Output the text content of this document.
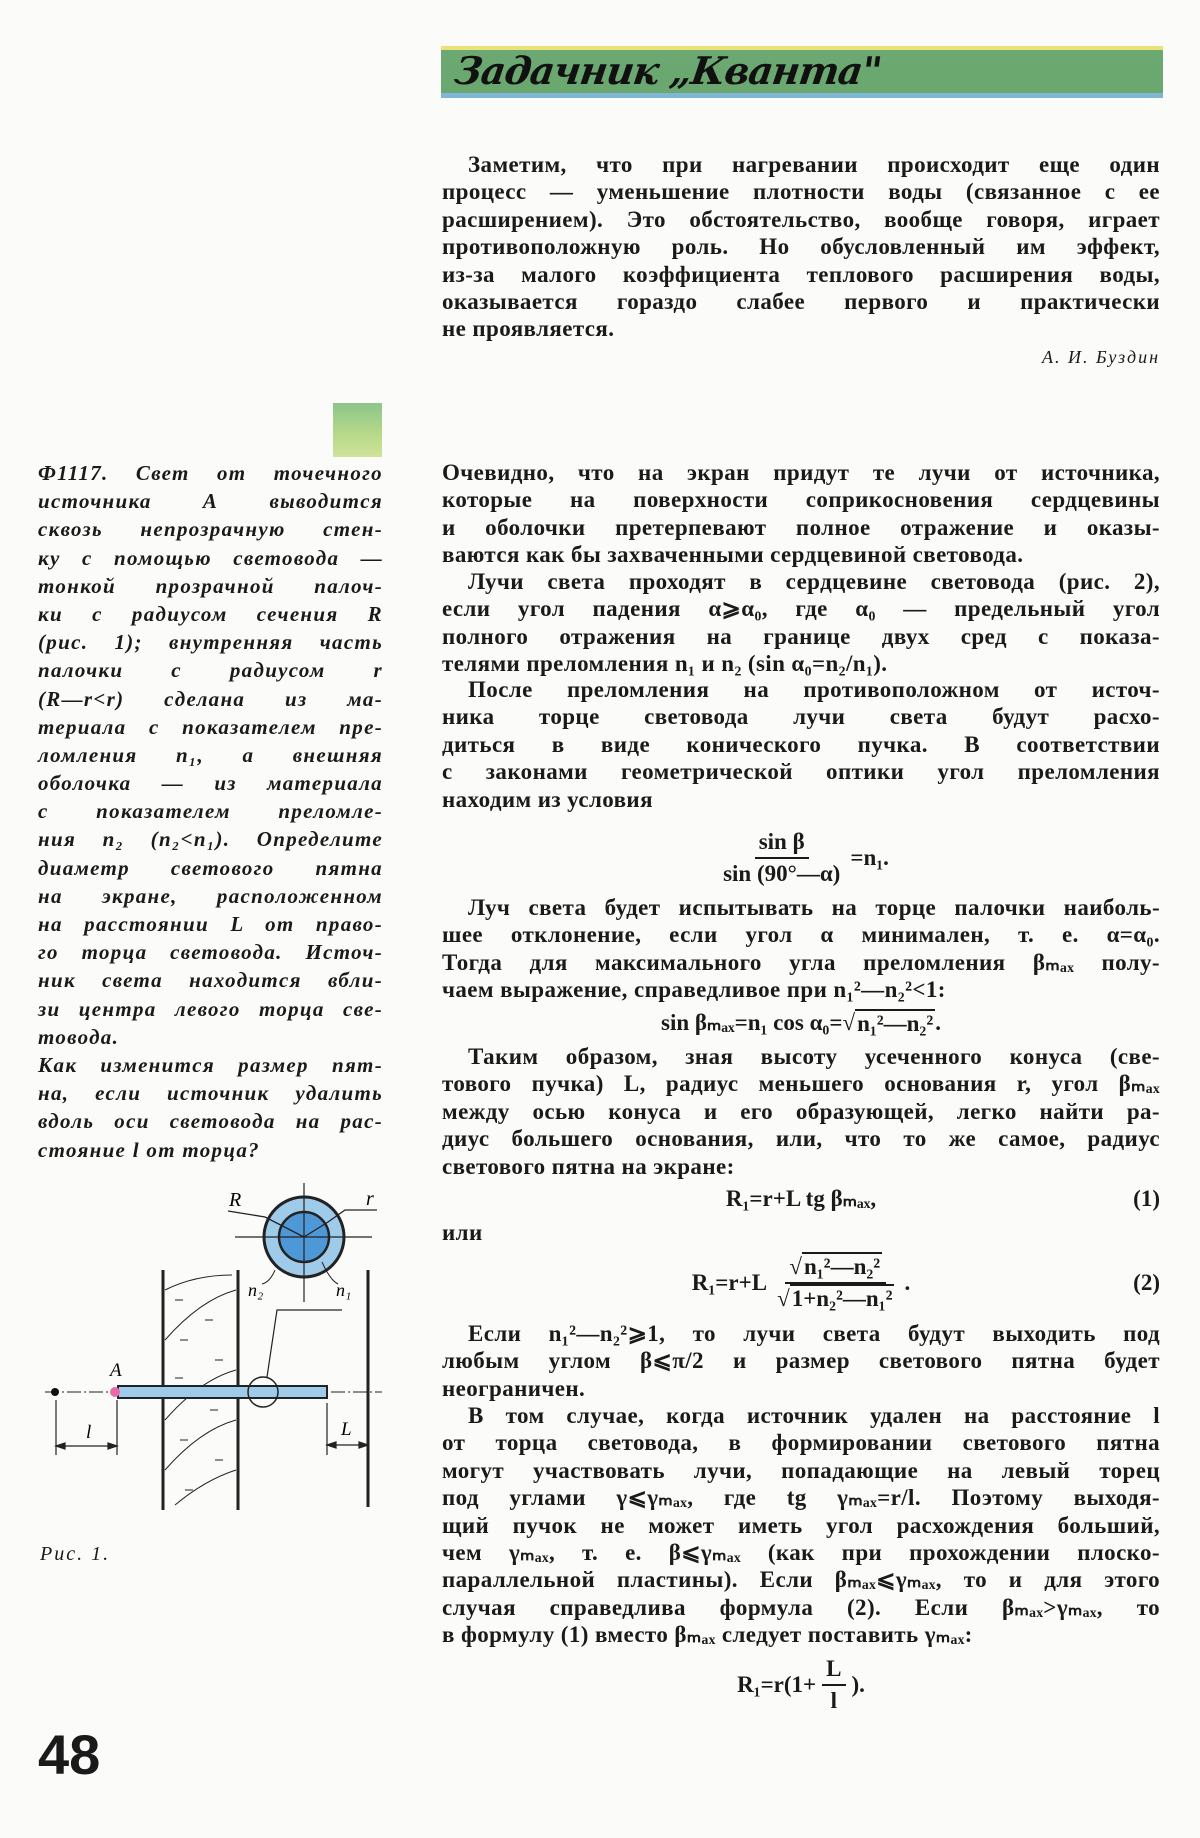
Задачник „Кванта"
Заметим, что при нагревании происходит еще один
процесс — уменьшение плотности воды (связанное с ее
расширением). Это обстоятельство, вообще говоря, играет
противоположную роль. Но обусловленный им эффект,
из-за малого коэффициента теплового расширения воды,
оказывается гораздо слабее первого и практически
не проявляется.
А. И. Буздин
Ф1117. Свет от точечного
источника А выводится
сквозь непрозрачную стен-
ку с помощью световода —
тонкой прозрачной палоч-
ки с радиусом сечения R
(рис. 1); внутренняя часть
палочки с радиусом r
(R—r<r) сделана из ма-
териала с показателем пре-
ломления n₁, а внешняя
оболочка — из материала
с показателем преломле-
ния n₂ (n₂<n₁). Определите
диаметр светового пятна
на экране, расположенном
на расстоянии L от право-
го торца световода. Источ-
ник света находится вбли-
зи центра левого торца све-
товода.
Как изменится размер пят-
на, если источник удалить
вдоль оси световода на рас-
стояние l от торца?
R	r
n₂	n₁
A
l	L
Рис. 1.
Очевидно, что на экран придут те лучи от источника,
которые на поверхности соприкосновения сердцевины
и оболочки претерпевают полное отражение и оказы-
ваются как бы захваченными сердцевиной световода.
Лучи света проходят в сердцевине световода (рис. 2),
если угол падения α⩾α₀, где α₀ — предельный угол
полного отражения на границе двух сред с показа-
телями преломления n₁ и n₂ (sin α₀=n₂/n₁).
После преломления на противоположном от источ-
ника торце световода лучи света будут расхо-
диться в виде конического пучка. В соответствии
с законами геометрической оптики угол преломления
находим из условия
$\frac{\text{sin β}}{\sin (90^\circ—\alpha)} =n_1$.
Луч света будет испытывать на торце палочки наиболь-
шее отклонение, если угол α минимален, т. е. α=α₀.
Тогда для максимального угла преломления βₘₐₓ полу-
чаем выражение, справедливое при n₁²—n₂²<1:
sin βₘₐₓ=n₁ cos α₀= √ n₁²—n₂² .
Таким образом, зная высоту усеченного конуса (све-
тового пучка) L, радиус меньшего основания r, угол βₘₐₓ
между осью конуса и его образующей, легко найти ра-
диус большего основания, или, что то же самое, радиус
светового пятна на экране:
R₁=r+L tg βₘₐₓ,	(1)
или
$R_1=r+L \frac{\text{√n₁²—n₂²}}{\text{√1+n₂²—n₁²}}$ .	(2)
Если n₁²—n₂²⩾1, то лучи света будут выходить под
любым углом β⩽π/2 и размер светового пятна будет
неограничен.
В том случае, когда источник удален на расстояние l
от торца световода, в формировании светового пятна
могут участвовать лучи, попадающие на левый торец
под углами γ⩽γₘₐₓ, где tg γₘₐₓ=r/l. Поэтому выходя-
щий пучок не может иметь угол расхождения больший,
чем γₘₐₓ, т. е. β⩽γₘₐₓ (как при прохождении плоско-
параллельной пластины). Если βₘₐₓ⩽γₘₐₓ, то и для этого
случая справедлива формула (2). Если βₘₐₓ>γₘₐₓ, то
в формулу (1) вместо βₘₐₓ следует поставить γₘₐₓ:
R₁=r ($1+ \frac{L}{l}$ ).
48
